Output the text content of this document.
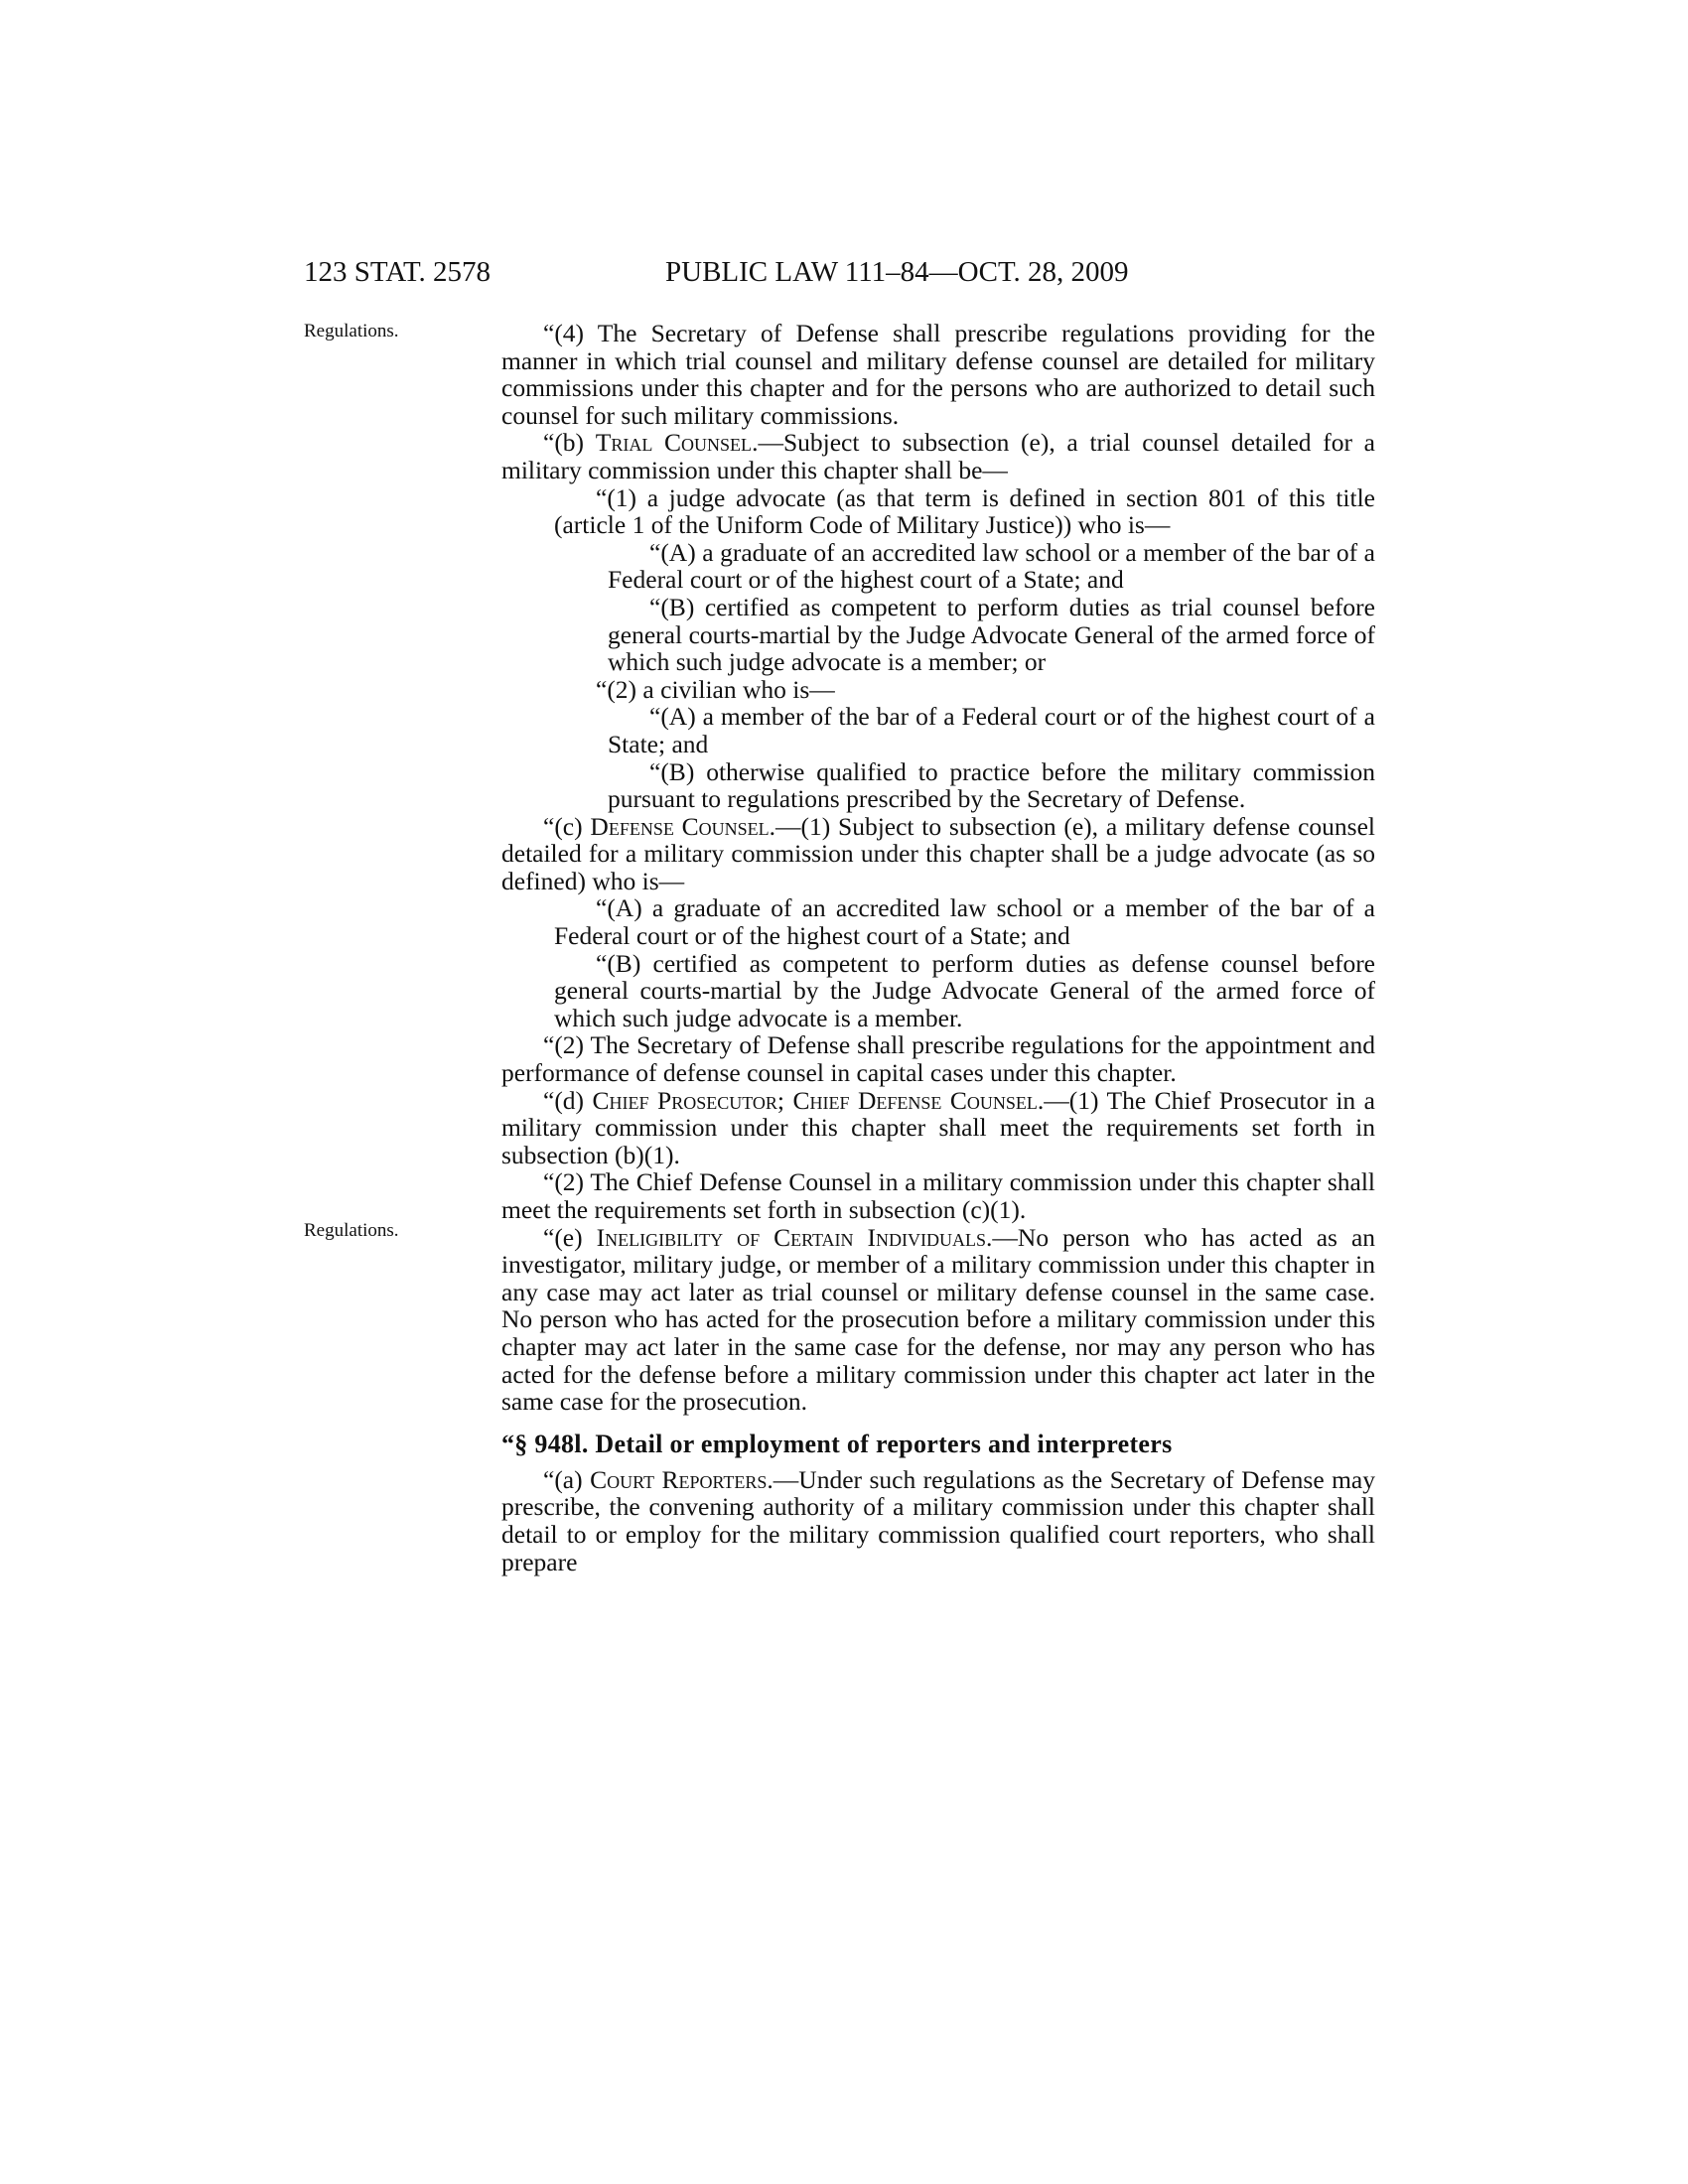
123 STAT. 2578	PUBLIC LAW 111–84—OCT. 28, 2009
Regulations.
Regulations.

“(4) The Secretary of Defense shall prescribe regulations providing for the manner in which trial counsel and military defense counsel are detailed for military commissions under this chapter and for the persons who are authorized to detail such counsel for such military commissions.

“(b) Trial Counsel.—Subject to subsection (e), a trial counsel detailed for a military commission under this chapter shall be—

“(1) a judge advocate (as that term is defined in section 801 of this title (article 1 of the Uniform Code of Military Justice)) who is—

“(A) a graduate of an accredited law school or a member of the bar of a Federal court or of the highest court of a State; and

“(B) certified as competent to perform duties as trial counsel before general courts-martial by the Judge Advocate General of the armed force of which such judge advocate is a member; or

“(2) a civilian who is—

“(A) a member of the bar of a Federal court or of the highest court of a State; and

“(B) otherwise qualified to practice before the military commission pursuant to regulations prescribed by the Secretary of Defense.

“(c) Defense Counsel.—(1) Subject to subsection (e), a military defense counsel detailed for a military commission under this chapter shall be a judge advocate (as so defined) who is—

“(A) a graduate of an accredited law school or a member of the bar of a Federal court or of the highest court of a State; and

“(B) certified as competent to perform duties as defense counsel before general courts-martial by the Judge Advocate General of the armed force of which such judge advocate is a member.

“(2) The Secretary of Defense shall prescribe regulations for the appointment and performance of defense counsel in capital cases under this chapter.

“(d) Chief Prosecutor; Chief Defense Counsel.—(1) The Chief Prosecutor in a military commission under this chapter shall meet the requirements set forth in subsection (b)(1).

“(2) The Chief Defense Counsel in a military commission under this chapter shall meet the requirements set forth in subsection (c)(1).

“(e) Ineligibility of Certain Individuals.—No person who has acted as an investigator, military judge, or member of a military commission under this chapter in any case may act later as trial counsel or military defense counsel in the same case. No person who has acted for the prosecution before a military commission under this chapter may act later in the same case for the defense, nor may any person who has acted for the defense before a military commission under this chapter act later in the same case for the prosecution.

“§ 948l. Detail or employment of reporters and interpreters

“(a) Court Reporters.—Under such regulations as the Secretary of Defense may prescribe, the convening authority of a military commission under this chapter shall detail to or employ for the military commission qualified court reporters, who shall prepare
